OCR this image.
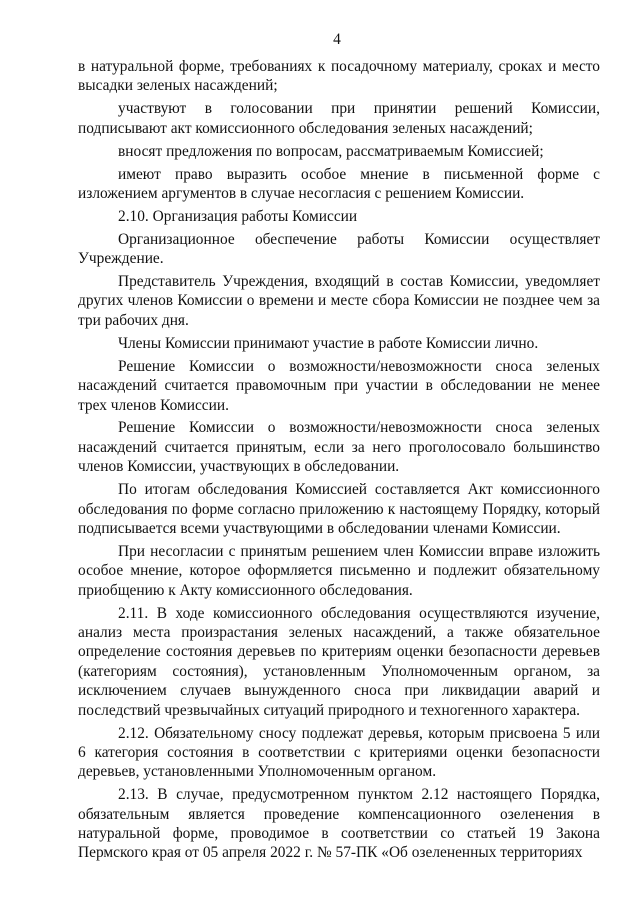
4

в натуральной форме, требованиях к посадочному материалу, сроках и место высадки зеленых насаждений;

участвуют в голосовании при принятии решений Комиссии, подписывают акт комиссионного обследования зеленых насаждений;

вносят предложения по вопросам, рассматриваемым Комиссией;

имеют право выразить особое мнение в письменной форме с изложением аргументов в случае несогласия с решением Комиссии.

2.10. Организация работы Комиссии

Организационное обеспечение работы Комиссии осуществляет Учреждение.

Представитель Учреждения, входящий в состав Комиссии, уведомляет других членов Комиссии о времени и месте сбора Комиссии не позднее чем за три рабочих дня.

Члены Комиссии принимают участие в работе Комиссии лично.

Решение Комиссии о возможности/невозможности сноса зеленых насаждений считается правомочным при участии в обследовании не менее трех членов Комиссии.

Решение Комиссии о возможности/невозможности сноса зеленых насаждений считается принятым, если за него проголосовало большинство членов Комиссии, участвующих в обследовании.

По итогам обследования Комиссией составляется Акт комиссионного обследования по форме согласно приложению к настоящему Порядку, который подписывается всеми участвующими в обследовании членами Комиссии.

При несогласии с принятым решением член Комиссии вправе изложить особое мнение, которое оформляется письменно и подлежит обязательному приобщению к Акту комиссионного обследования.

2.11. В ходе комиссионного обследования осуществляются изучение, анализ места произрастания зеленых насаждений, а также обязательное определение состояния деревьев по критериям оценки безопасности деревьев (категориям состояния), установленным Уполномоченным органом, за исключением случаев вынужденного сноса при ликвидации аварий и последствий чрезвычайных ситуаций природного и техногенного характера.

2.12. Обязательному сносу подлежат деревья, которым присвоена 5 или 6 категория состояния в соответствии с критериями оценки безопасности деревьев, установленными Уполномоченным органом.

2.13. В случае, предусмотренном пунктом 2.12 настоящего Порядка, обязательным является проведение компенсационного озеленения в натуральной форме, проводимое в соответствии со статьей 19 Закона Пермского края от 05 апреля 2022 г. № 57-ПК «Об озелененных территориях
